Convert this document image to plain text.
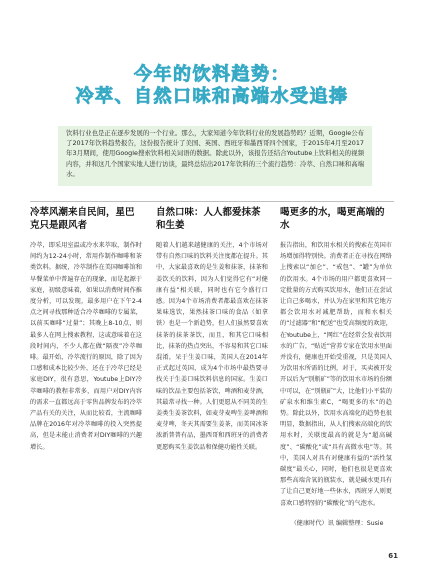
今年的饮料趋势：
冷萃、自然口味和高端水受追捧

饮料行业也是正在逐步发展的一个行业。那么，大家知道今年饮料行业的发展趋势吗？近期，Google公布了2017年饮料趋势报告，这份报告统计了美国、英国、西班牙和墨西哥四个国家，于2015年4月至2017年3月期间，使用Google搜索饮料相关词语的数据。除此以外，该报告还结合Youtube上饮料相关的视频内容，并和这几个国家实地人进行访谈，最终总结出2017年饮料的三个流行趋势：冷萃、自然口味和高端水。

冷萃风潮来自民间，星巴克只是跟风者
冷萃，即采用室温或冷水来萃取，制作时间约为12-24小时，常用作制作咖啡和茶类饮料。据统，冷萃制作在美国咖啡馆和早餐菜单中普遍存在的现象，而是起源于家庭，初级意味着，如果以消费时间作推度分析，可以发现，最多用户在下午2-4点之间寻找那种适合冷萃咖啡的专属菜，以前买咖啡“过量”；其晚上8-10点，则最多人在网上搜索教程，这或意味着在这段时间内，不少人都在做“隔夜”冷萃咖啡。最开始，冷萃流行的原因，除了因为口感和成本比较少外，还在于冷萃已经是家庭DIY，很有意思，Youtube上DIY冷萃咖啡的教程非常多，而用户对DIY内容的需求一直都远高于零售品牌发布的冷萃产品有关的关注，从而比较看，主流咖啡品牌在2016年对冷萃咖啡的投入突然提高，但是未能止消费者对DIY咖啡的兴趣增长。
自然口味：人人都爱抹茶和生姜
随着人们越来越健康的关注，4个市场对带有自然口味的饮料关注度都在提升。其中，大家最喜欢的是生姜和抹茶，抹茶和姜饮关的饮料，因为人们觉得它有“对健康有益”相关联，同时也有它令盛行口感。因为4个市场消费者都最喜欢在抹茶果味选饮，果然抹茶口味的食品（如拿铁）也是一个新趋势，但人们虽然要喜欢抹茶的抹茶茶饮，而且，和其它口味相比，抹茶的热点突出，不容易和其它口味混淆，呆于生姜口味，美国人在2014年正式起过英国，成为4个市场中最热要寻找关于生姜口味饮料信息的国家。生姜口味的饮品主要包括茶饮，啤酒和麦芽酒，其最常寻找一种。人们更愿从不同美的生姜类生姜茶饮料，如麦芽麦啤生姜啤酒和麦芽啤，冬天其需要生姜茶，而美国冰茶浓新普普有品，墨西哥和西班牙的消费者更愿购买生姜饮品和保健功能性关联。
喝更多的水，喝更高端的水
报告指出，和饮用水相关的搜索在英国市场增加得特别快。消费者正在寻找在网络上搜索以“加仑”、“戒包”、“罐”为单位的饮用水。4个市场的用户都更喜欢同一定批量的方式购买饮用水，他们正在尝试让自己多喝水，并认为在家里和其它地方都会饮用水对减肥帮助，而和水相关的“过滤器”和“配送”也受高频度的欢迎，在Youtube上，“网红”在经常会发表饮用水的广告，“贴近”营养专家在饮用水里面并没有，健康也开始受重视，只是美国人为饮用水所需的比例，对于，买卖被开发开以后为“别瓶矿”等的饮用水市场的份额中可以，在“别瓶矿”大，比他们小平装的矿泉水和维生素C，“喝更多的水”的趋势。除此以外，饮用水高端化的趋势也很明显，数据指出，从人们搜索高端化的饮用水时，关联度最高的就是为“超高碱度”、“碳酸化”或“具有高微水电”等。其中，美国人对具有对健康有益的“活性氢碳度”最关心，同时，他们也很是更喜欢那些高端含氧的瓶装水，就是碱水更具有了让自己更好地一些休水，西班牙人则更喜欢口感特别的“碳酸化”的气泡水。
（健康时代）讯 编辑整理：Susie
61
